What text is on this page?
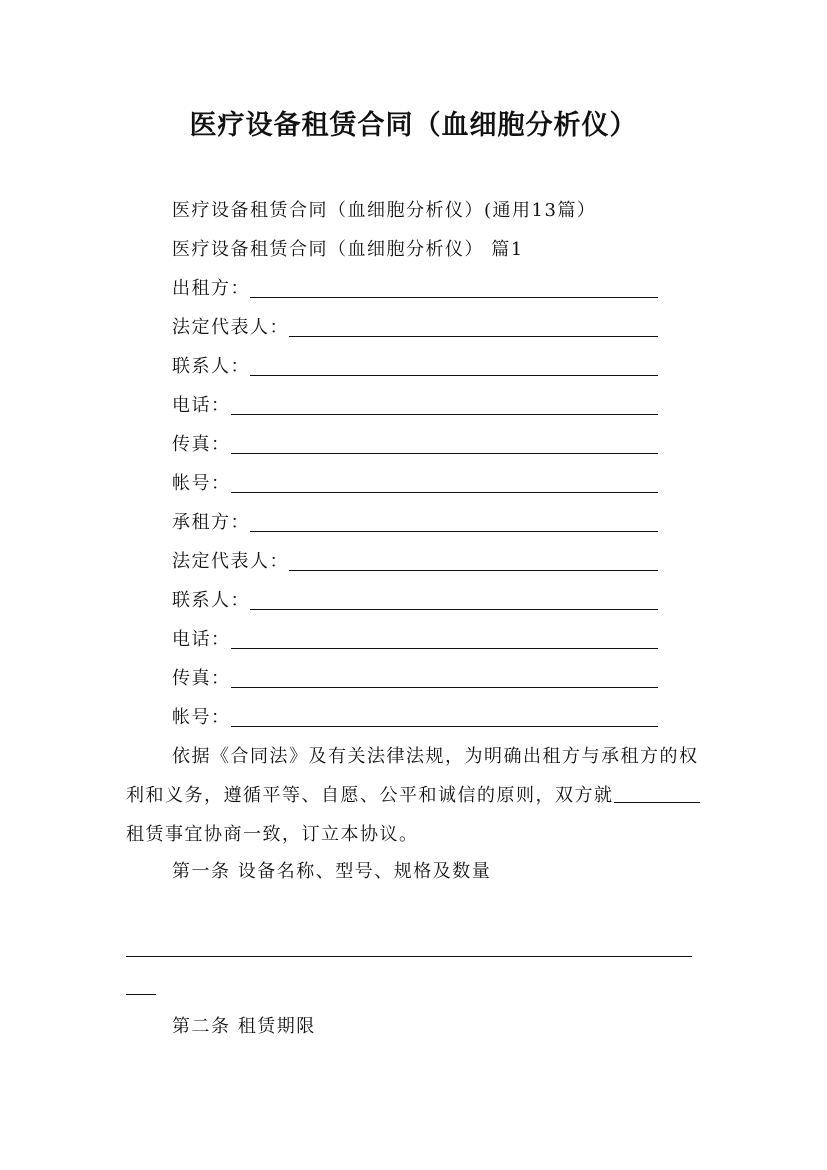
医疗设备租赁合同（血细胞分析仪）
医疗设备租赁合同（血细胞分析仪）(通用13篇）
医疗设备租赁合同（血细胞分析仪） 篇1
出租方：
法定代表人：
联系人：
电话：
传真：
帐号：
承租方：
法定代表人：
联系人：
电话：
传真：
帐号：
依据《合同法》及有关法律法规，为明确出租方与承租方的权利和义务，遵循平等、自愿、公平和诚信的原则，双方就租赁事宜协商一致，订立本协议。
第一条 设备名称、型号、规格及数量
第二条 租赁期限
